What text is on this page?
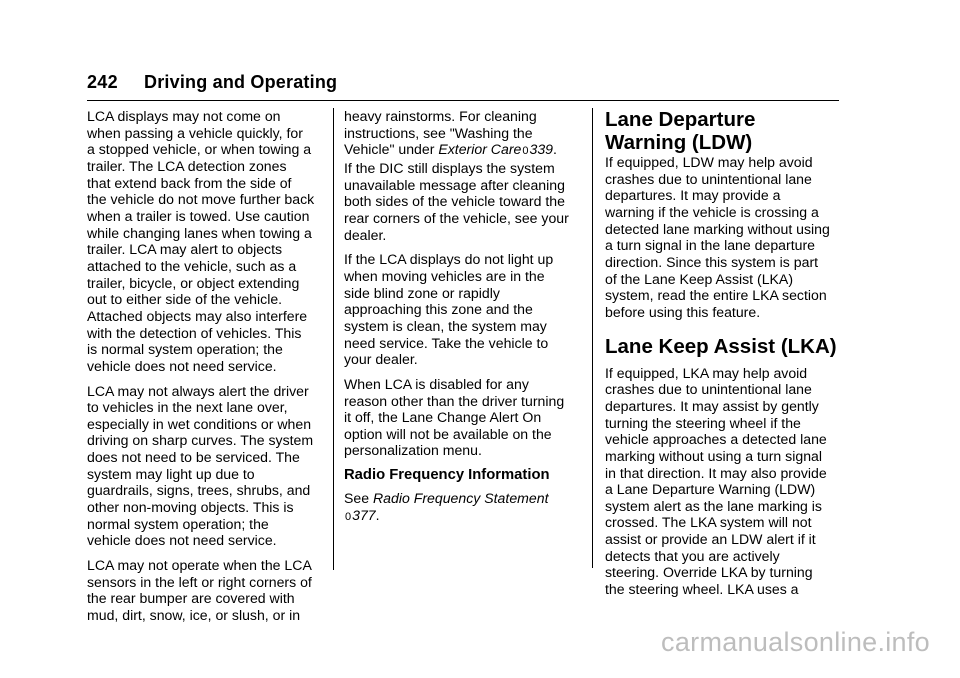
242 Driving and Operating

LCA displays may not come on
when passing a vehicle quickly, for
a stopped vehicle, or when towing a
trailer. The LCA detection zones
that extend back from the side of
the vehicle do not move further back
when a trailer is towed. Use caution
while changing lanes when towing a
trailer. LCA may alert to objects
attached to the vehicle, such as a
trailer, bicycle, or object extending
out to either side of the vehicle.
Attached objects may also interfere
with the detection of vehicles. This
is normal system operation; the
vehicle does not need service.

LCA may not always alert the driver
to vehicles in the next lane over,
especially in wet conditions or when
driving on sharp curves. The system
does not need to be serviced. The
system may light up due to
guardrails, signs, trees, shrubs, and
other non-moving objects. This is
normal system operation; the
vehicle does not need service.

LCA may not operate when the LCA
sensors in the left or right corners of
the rear bumper are covered with
mud, dirt, snow, ice, or slush, or in

heavy rainstorms. For cleaning
instructions, see "Washing the
Vehicle" under Exterior Care0339.
If the DIC still displays the system
unavailable message after cleaning
both sides of the vehicle toward the
rear corners of the vehicle, see your
dealer.

If the LCA displays do not light up
when moving vehicles are in the
side blind zone or rapidly
approaching this zone and the
system is clean, the system may
need service. Take the vehicle to
your dealer.

When LCA is disabled for any
reason other than the driver turning
it off, the Lane Change Alert On
option will not be available on the
personalization menu.

Radio Frequency Information

See Radio Frequency Statement
0377.

Lane Departure
Warning (LDW)

If equipped, LDW may help avoid
crashes due to unintentional lane
departures. It may provide a
warning if the vehicle is crossing a
detected lane marking without using
a turn signal in the lane departure
direction. Since this system is part
of the Lane Keep Assist (LKA)
system, read the entire LKA section
before using this feature.

Lane Keep Assist (LKA)

If equipped, LKA may help avoid
crashes due to unintentional lane
departures. It may assist by gently
turning the steering wheel if the
vehicle approaches a detected lane
marking without using a turn signal
in that direction. It may also provide
a Lane Departure Warning (LDW)
system alert as the lane marking is
crossed. The LKA system will not
assist or provide an LDW alert if it
detects that you are actively
steering. Override LKA by turning
the steering wheel. LKA uses a

carmanualsonline.info
